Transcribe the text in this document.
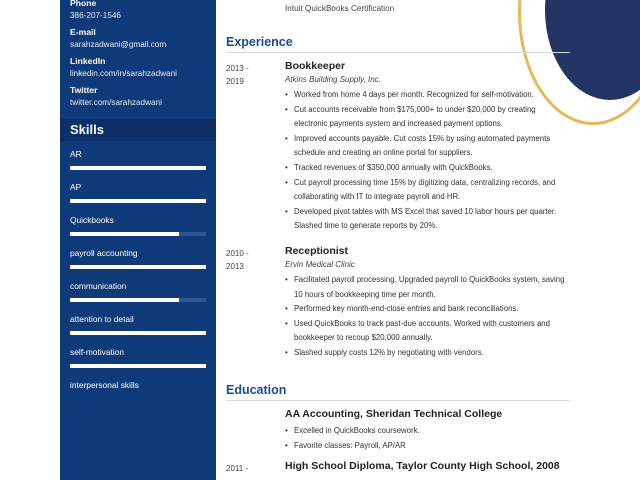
Phone
386-207-1546
E-mail
sarahzadwani@gmail.com
LinkedIn
linkedin.com/in/sarahzadwani
Twitter
twitter.com/sarahzadwani
Skills
AR
AP
Quickbooks
payroll accounting
communication
attention to detail
self-motivation
interpersonal skills
Intuit QuickBooks Certification
Experience
2013 - 2019
Bookkeeper
Atkins Building Supply, Inc.
• Worked from home 4 days per month. Recognized for self-motivation.
• Cut accounts receivable from $175,000+ to under $20,000 by creating electronic payments system and increased payment options.
• Improved accounts payable. Cut costs 15% by using automated payments schedule and creating an online portal for suppliers.
• Tracked revenues of $350,000 annually with QuickBooks.
• Cut payroll processing time 15% by digitizing data, centralizing records, and collaborating with IT to integrate payroll and HR.
• Developed pivot tables with MS Excel that saved 10 labor hours per quarter. Slashed time to generate reports by 20%.
2010 - 2013
Receptionist
Ervin Medical Clinic
• Facilitated payroll processing. Upgraded payroll to QuickBooks system, saving 10 hours of bookkeeping time per month.
• Performed key month-end-close entries and bank reconciliations.
• Used QuickBooks to track past-due accounts. Worked with customers and bookkeeper to recoup $20,000 annually.
• Slashed supply costs 12% by negotiating with vendors.
Education
AA Accounting, Sheridan Technical College
• Excelled in QuickBooks coursework.
• Favorite classes: Payroll, AP/AR
2011 -	High School Diploma, Taylor County High School, 2008
